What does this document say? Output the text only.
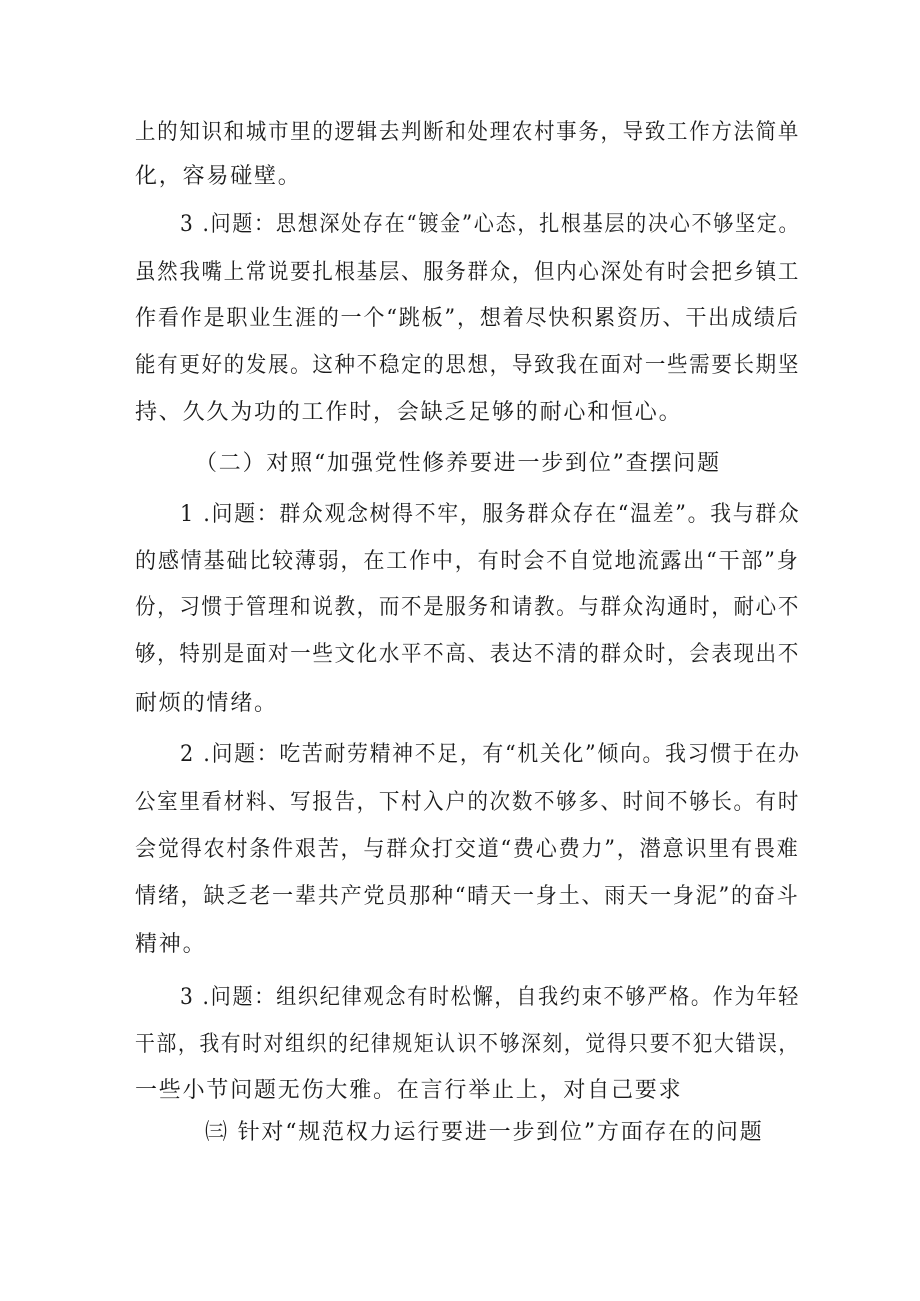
上的知识和城市里的逻辑去判断和处理农村事务，导致工作方法简单
化，容易碰壁。
3 .问题：思想深处存在“镀金”心态，扎根基层的决心不够坚定。
虽然我嘴上常说要扎根基层、服务群众，但内心深处有时会把乡镇工
作看作是职业生涯的一个“跳板”，想着尽快积累资历、干出成绩后
能有更好的发展。这种不稳定的思想，导致我在面对一些需要长期坚
持、久久为功的工作时，会缺乏足够的耐心和恒心。
（二）对照“加强党性修养要进一步到位”查摆问题
1 .问题：群众观念树得不牢，服务群众存在“温差”。我与群众
的感情基础比较薄弱，在工作中，有时会不自觉地流露出“干部”身
份，习惯于管理和说教，而不是服务和请教。与群众沟通时，耐心不
够，特别是面对一些文化水平不高、表达不清的群众时，会表现出不
耐烦的情绪。
2 .问题：吃苦耐劳精神不足，有“机关化”倾向。我习惯于在办
公室里看材料、写报告，下村入户的次数不够多、时间不够长。有时
会觉得农村条件艰苦，与群众打交道“费心费力”，潜意识里有畏难
情绪，缺乏老一辈共产党员那种“晴天一身土、雨天一身泥”的奋斗
精神。
3 .问题：组织纪律观念有时松懈，自我约束不够严格。作为年轻
干部，我有时对组织的纪律规矩认识不够深刻，觉得只要不犯大错误，
一些小节问题无伤大雅。在言行举止上，对自己要求
㈢ 针对“规范权力运行要进一步到位”方面存在的问题
